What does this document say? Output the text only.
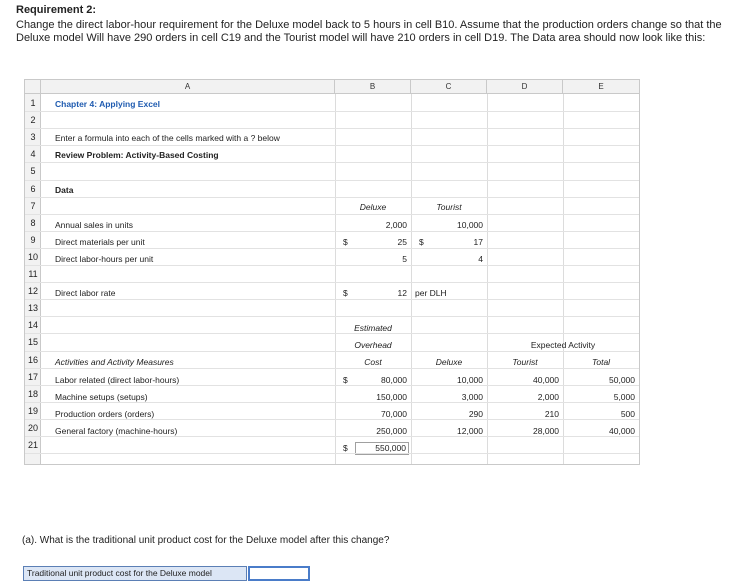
Requirement 2:
Change the direct labor-hour requirement for the Deluxe model back to 5 hours in cell B10. Assume that the production orders change so that the Deluxe model Will have 290 orders in cell C19 and the Tourist model will have 210 orders in cell D19. The Data area should now look like this:
A	B	C	D	E
Chapter 4: Applying Excel
Enter a formula into each of the cells marked with a ? below
Review Problem: Activity-Based Costing
Data
Deluxe	Tourist
Annual sales in units	2,000	10,000
Direct materials per unit	$	25 $	17
Direct labor-hours per unit	5	4
Direct labor rate	$	12 per DLH
Estimated
Overhead	Expected Activity
Activities and Activity Measures	Cost	Deluxe	Tourist	Total
Labor related (direct labor-hours)	$	80,000	10,000	40,000	50,000
Machine setups (setups)	150,000	3,000	2,000	5,000
Production orders (orders)	70,000	290	210	500
General factory (machine-hours)	250,000	12,000	28,000	40,000
$	550,000
1
2
3
4
5
6
7
8
9
10
11
12
13
14
15
16
17
18
19
20
21
(a). What is the traditional unit product cost for the Deluxe model after this change?
Traditional unit product cost for the Deluxe model
